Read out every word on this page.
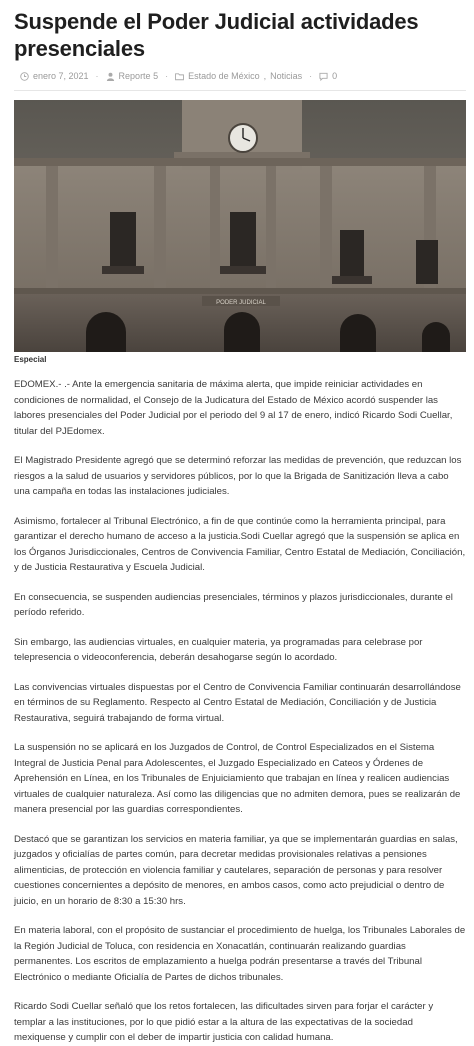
Suspende el Poder Judicial actividades presenciales
enero 7, 2021 · Reporte 5 · Estado de México , Noticias · 0
PODER JUDICIAL
Especial

EDOMEX.- .- Ante la emergencia sanitaria de máxima alerta, que impide reiniciar actividades en condiciones de normalidad, el Consejo de la Judicatura del Estado de México acordó suspender las labores presenciales del Poder Judicial por el periodo del 9 al 17 de enero, indicó Ricardo Sodi Cuellar, titular del PJEdomex.

El Magistrado Presidente agregó que se determinó reforzar las medidas de prevención, que reduzcan los riesgos a la salud de usuarios y servidores públicos, por lo que la Brigada de Sanitización lleva a cabo una campaña en todas las instalaciones judiciales.

Asimismo, fortalecer al Tribunal Electrónico, a fin de que continúe como la herramienta principal, para garantizar el derecho humano de acceso a la justicia.Sodi Cuellar agregó que la suspensión se aplica en los Órganos Jurisdiccionales, Centros de Convivencia Familiar, Centro Estatal de Mediación, Conciliación, y de Justicia Restaurativa y Escuela Judicial.

En consecuencia, se suspenden audiencias presenciales, términos y plazos jurisdiccionales, durante el período referido.

Sin embargo, las audiencias virtuales, en cualquier materia, ya programadas para celebrase por telepresencia o videoconferencia, deberán desahogarse según lo acordado.

Las convivencias virtuales dispuestas por el Centro de Convivencia Familiar continuarán desarrollándose en términos de su Reglamento. Respecto al Centro Estatal de Mediación, Conciliación y de Justicia Restaurativa, seguirá trabajando de forma virtual.

La suspensión no se aplicará en los Juzgados de Control, de Control Especializados en el Sistema Integral de Justicia Penal para Adolescentes, el Juzgado Especializado en Cateos y Órdenes de Aprehensión en Línea, en los Tribunales de Enjuiciamiento que trabajan en línea y realicen audiencias virtuales de cualquier naturaleza. Así como las diligencias que no admiten demora, pues se realizarán de manera presencial por las guardias correspondientes.

Destacó que se garantizan los servicios en materia familiar, ya que se implementarán guardias en salas, juzgados y oficialías de partes común, para decretar medidas provisionales relativas a pensiones alimenticias, de protección en violencia familiar y cautelares, separación de personas y para resolver cuestiones concernientes a depósito de menores, en ambos casos, como acto prejudicial o dentro de juicio, en un horario de 8:30 a 15:30 hrs.

En materia laboral, con el propósito de sustanciar el procedimiento de huelga, los Tribunales Laborales de la Región Judicial de Toluca, con residencia en Xonacatlán, continuarán realizando guardias permanentes. Los escritos de emplazamiento a huelga podrán presentarse a través del Tribunal Electrónico o mediante Oficialía de Partes de dichos tribunales.

Ricardo Sodi Cuellar señaló que los retos fortalecen, las dificultades sirven para forjar el carácter y templar a las instituciones, por lo que pidió estar a la altura de las expectativas de la sociedad mexiquense y cumplir con el deber de impartir justicia con calidad humana.
